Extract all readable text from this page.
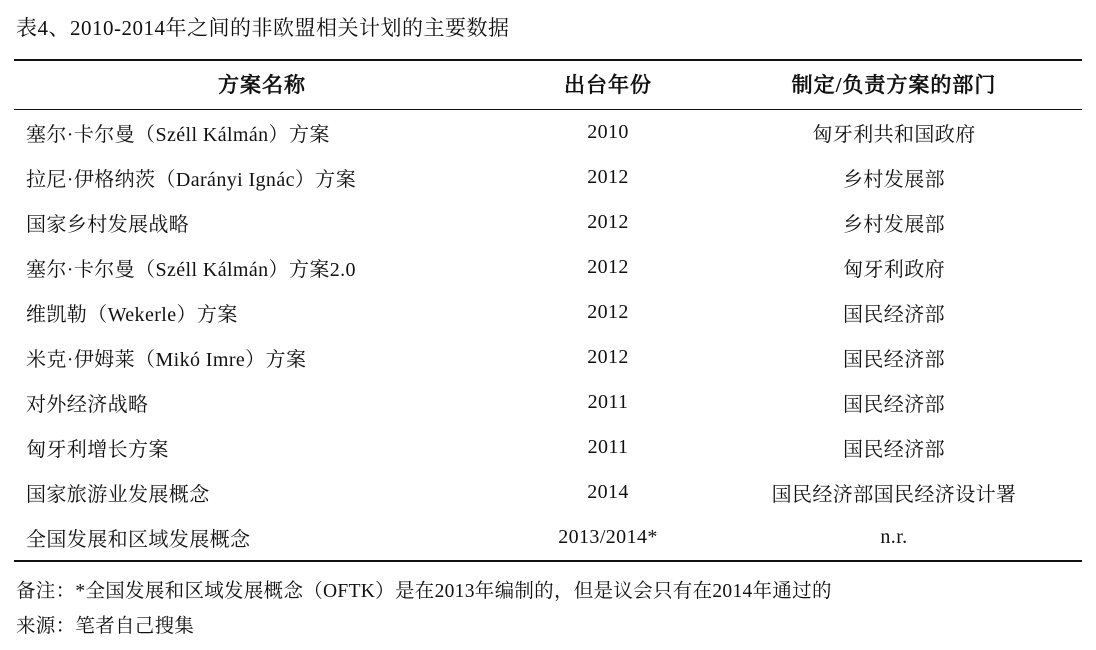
表4、2010-2014年之间的非欧盟相关计划的主要数据
方案名称	出台年份	制定/负责方案的部门
塞尔·卡尔曼（Széll Kálmán）方案	2010	匈牙利共和国政府
拉尼·伊格纳茨（Darányi Ignác）方案	2012	乡村发展部
国家乡村发展战略	2012	乡村发展部
塞尔·卡尔曼（Széll Kálmán）方案2.0	2012	匈牙利政府
维凯勒（Wekerle）方案	2012	国民经济部
米克·伊姆莱（Mikó Imre）方案	2012	国民经济部
对外经济战略	2011	国民经济部
匈牙利增长方案	2011	国民经济部
国家旅游业发展概念	2014	国民经济部国民经济设计署
全国发展和区域发展概念	2013/2014*	n.r.
备注：*全国发展和区域发展概念（OFTK）是在2013年编制的，但是议会只有在2014年通过的
来源：笔者自己搜集
